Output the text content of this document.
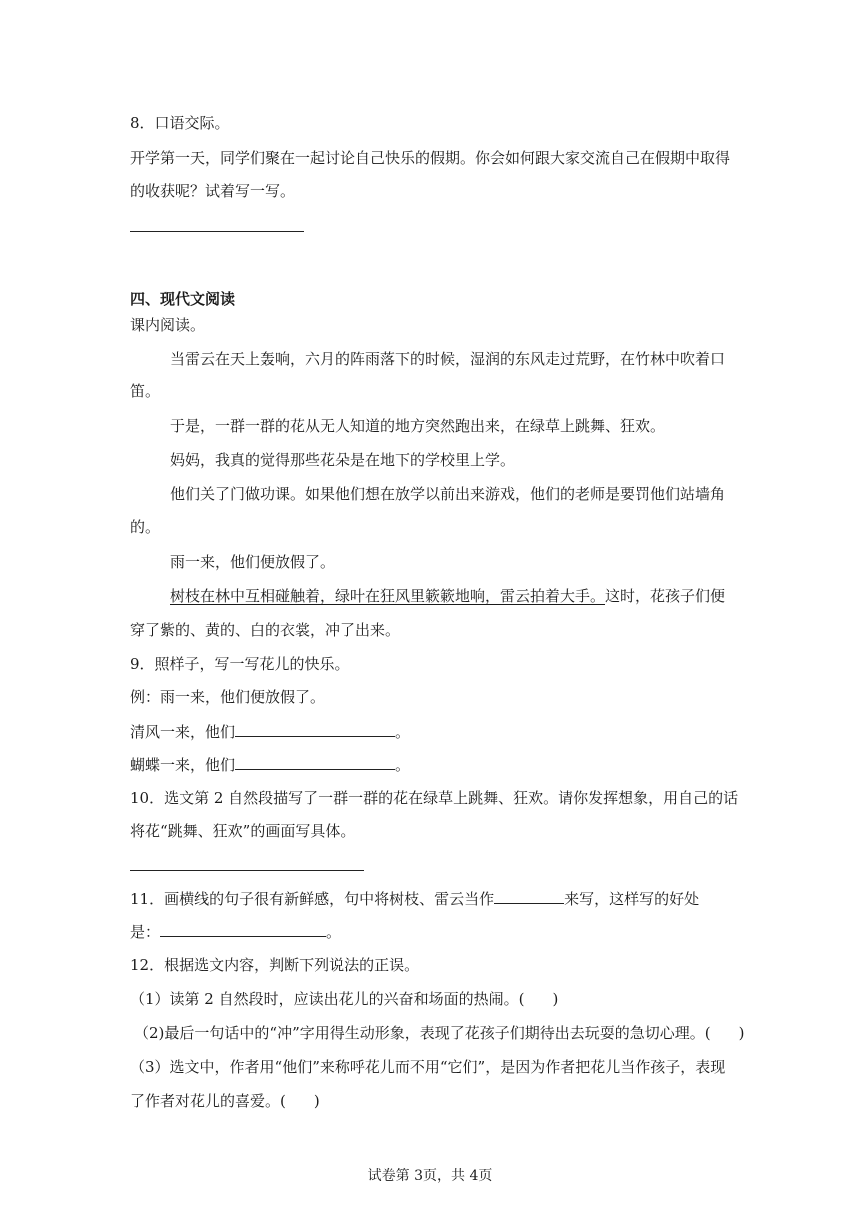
8．口语交际。
开学第一天，同学们聚在一起讨论自己快乐的假期。你会如何跟大家交流自己在假期中取得
的收获呢？试着写一写。
四、现代文阅读
课内阅读。
当雷云在天上轰响，六月的阵雨落下的时候，湿润的东风走过荒野，在竹林中吹着口
笛。
于是，一群一群的花从无人知道的地方突然跑出来，在绿草上跳舞、狂欢。
妈妈，我真的觉得那些花朵是在地下的学校里上学。
他们关了门做功课。如果他们想在放学以前出来游戏，他们的老师是要罚他们站墙角
的。
雨一来，他们便放假了。
树枝在林中互相碰触着，绿叶在狂风里簌簌地响，雷云拍着大手。这时，花孩子们便
穿了紫的、黄的、白的衣裳，冲了出来。
9．照样子，写一写花儿的快乐。
例：雨一来，他们便放假了。
清风一来，他们	。
蝴蝶一来，他们	。
10．选文第 2 自然段描写了一群一群的花在绿草上跳舞、狂欢。请你发挥想象，用自己的话
将花“跳舞、狂欢”的画面写具体。
11．画横线的句子很有新鲜感，句中将树枝、雷云当作	来写，这样写的好处
是：	。
12．根据选文内容，判断下列说法的正误。
（1）读第 2 自然段时，应读出花儿的兴奋和场面的热闹。( )
（2)最后一句话中的“冲”字用得生动形象，表现了花孩子们期待出去玩耍的急切心理。( )
（3）选文中，作者用“他们”来称呼花儿而不用“它们”，是因为作者把花儿当作孩子，表现
了作者对花儿的喜爱。( )
试卷第 3页，共 4页
